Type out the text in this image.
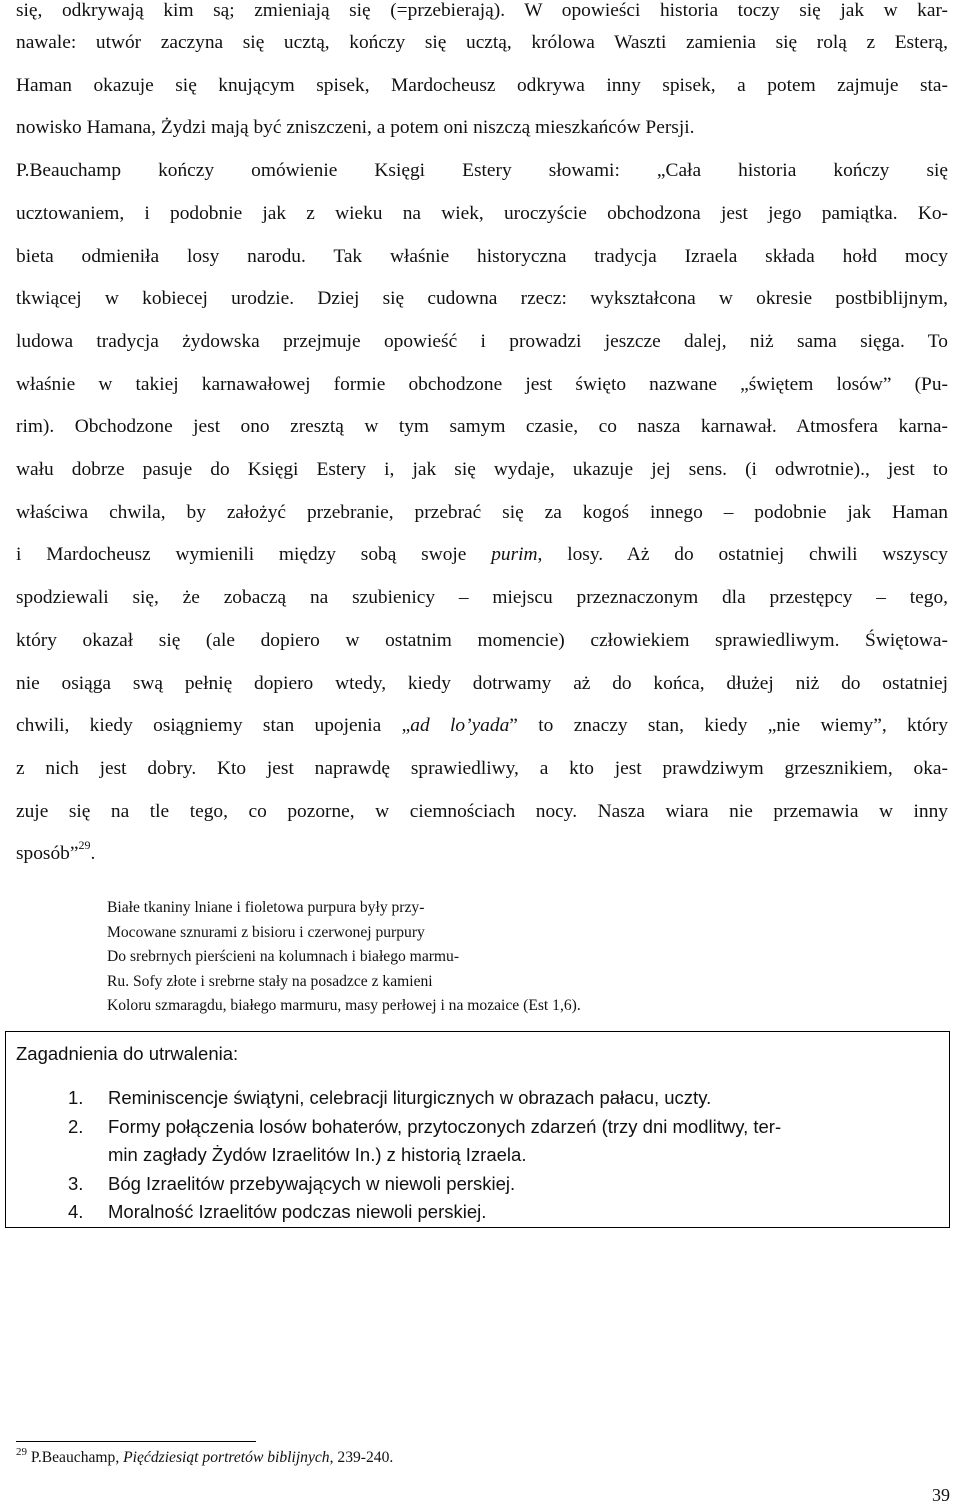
się, odkrywają kim są; zmieniają się (=przebierają). W opowieści historia toczy się jak w kar-
nawale: utwór zaczyna się ucztą, kończy się ucztą, królowa Waszti zamienia się rolą z Esterą,
Haman okazuje się knującym spisek, Mardocheusz odkrywa inny spisek, a potem zajmuje sta-
nowisko Hamana, Żydzi mają być zniszczeni, a potem oni niszczą mieszkańców Persji.
P.Beauchamp kończy omówienie Księgi Estery słowami: „Cała historia kończy się
ucztowaniem, i podobnie jak z wieku na wiek, uroczyście obchodzona jest jego pamiątka. Ko-
bieta odmieniła losy narodu. Tak właśnie historyczna tradycja Izraela składa hołd mocy
tkwiącej w kobiecej urodzie. Dziej się cudowna rzecz: wykształcona w okresie postbiblijnym,
ludowa tradycja żydowska przejmuje opowieść i prowadzi jeszcze dalej, niż sama sięga. To
właśnie w takiej karnawałowej formie obchodzone jest święto nazwane „świętem losów” (Pu-
rim). Obchodzone jest ono zresztą w tym samym czasie, co nasza karnawał. Atmosfera karna-
wału dobrze pasuje do Księgi Estery i, jak się wydaje, ukazuje jej sens. (i odwrotnie)., jest to
właściwa chwila, by założyć przebranie, przebrać się za kogoś innego – podobnie jak Haman
i Mardocheusz wymienili między sobą swoje purim, losy. Aż do ostatniej chwili wszyscy
spodziewali się, że zobaczą na szubienicy – miejscu przeznaczonym dla przestępcy – tego,
który okazał się (ale dopiero w ostatnim momencie) człowiekiem sprawiedliwym. Świętowa-
nie osiąga swą pełnię dopiero wtedy, kiedy dotrwamy aż do końca, dłużej niż do ostatniej
chwili, kiedy osiągniemy stan upojenia „ad lo’yada” to znaczy stan, kiedy „nie wiemy”, który
z nich jest dobry. Kto jest naprawdę sprawiedliwy, a kto jest prawdziwym grzesznikiem, oka-
zuje się na tle tego, co pozorne, w ciemnościach nocy. Nasza wiara nie przemawia w inny
sposób”$^{29}$.
Białe tkaniny lniane i fioletowa purpura były przy-
Mocowane sznurami z bisioru i czerwonej purpury
Do srebrnych pierścieni na kolumnach i białego marmu-
Ru. Sofy złote i srebrne stały na posadzce z kamieni
Koloru szmaragdu, białego marmuru, masy perłowej i na mozaice (Est 1,6).
Zagadnienia do utrwalenia:
1.	Reminiscencje świątyni, celebracji liturgicznych w obrazach pałacu, uczty.
2.	Formy połączenia losów bohaterów, przytoczonych zdarzeń (trzy dni modlitwy, ter-
min zagłady Żydów Izraelitów In.) z historią Izraela.
3.	Bóg Izraelitów przebywających w niewoli perskiej.
4.	Moralność Izraelitów podczas niewoli perskiej.
$^{29}$ P.Beauchamp, Pięćdziesiąt portretów biblijnych, 239-240.
39
